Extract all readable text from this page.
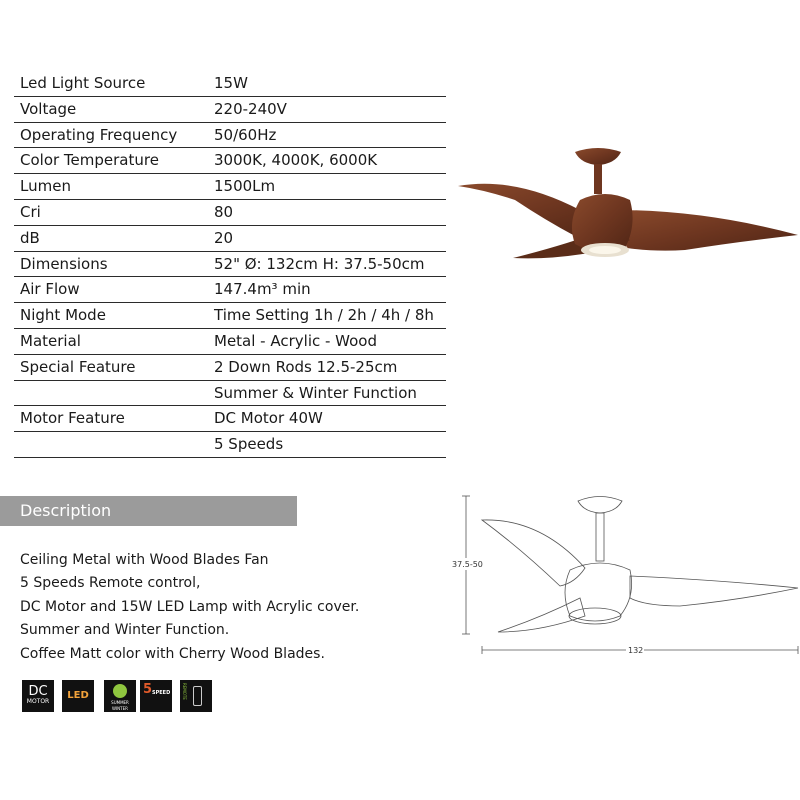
Led Light Source	15W
Voltage	220-240V
Operating Frequency 50/60Hz
Color Temperature	3000K, 4000K, 6000K
Lumen	1500Lm
Cri	80
dB	20
Dimensions	52" Ø: 132cm H: 37.5-50cm
Air Flow	147.4m³ min
Night Mode	Time Setting 1h / 2h / 4h / 8h
Material	Metal - Acrylic - Wood
Special Feature	2 Down Rods 12.5-25cm
Summer & Winter Function
Motor Feature	DC Motor 40W
5 Speeds
Description
Ceiling Metal with Wood Blades Fan
5 Speeds Remote control,
DC Motor and 15W LED Lamp with Acrylic cover.
Summer and Winter Function.
Coffee Matt color with Cherry Wood Blades.
DC
MOTOR
LED
SUMMER WINTER
5 SPEED	REMOTE
37.5-50
132
